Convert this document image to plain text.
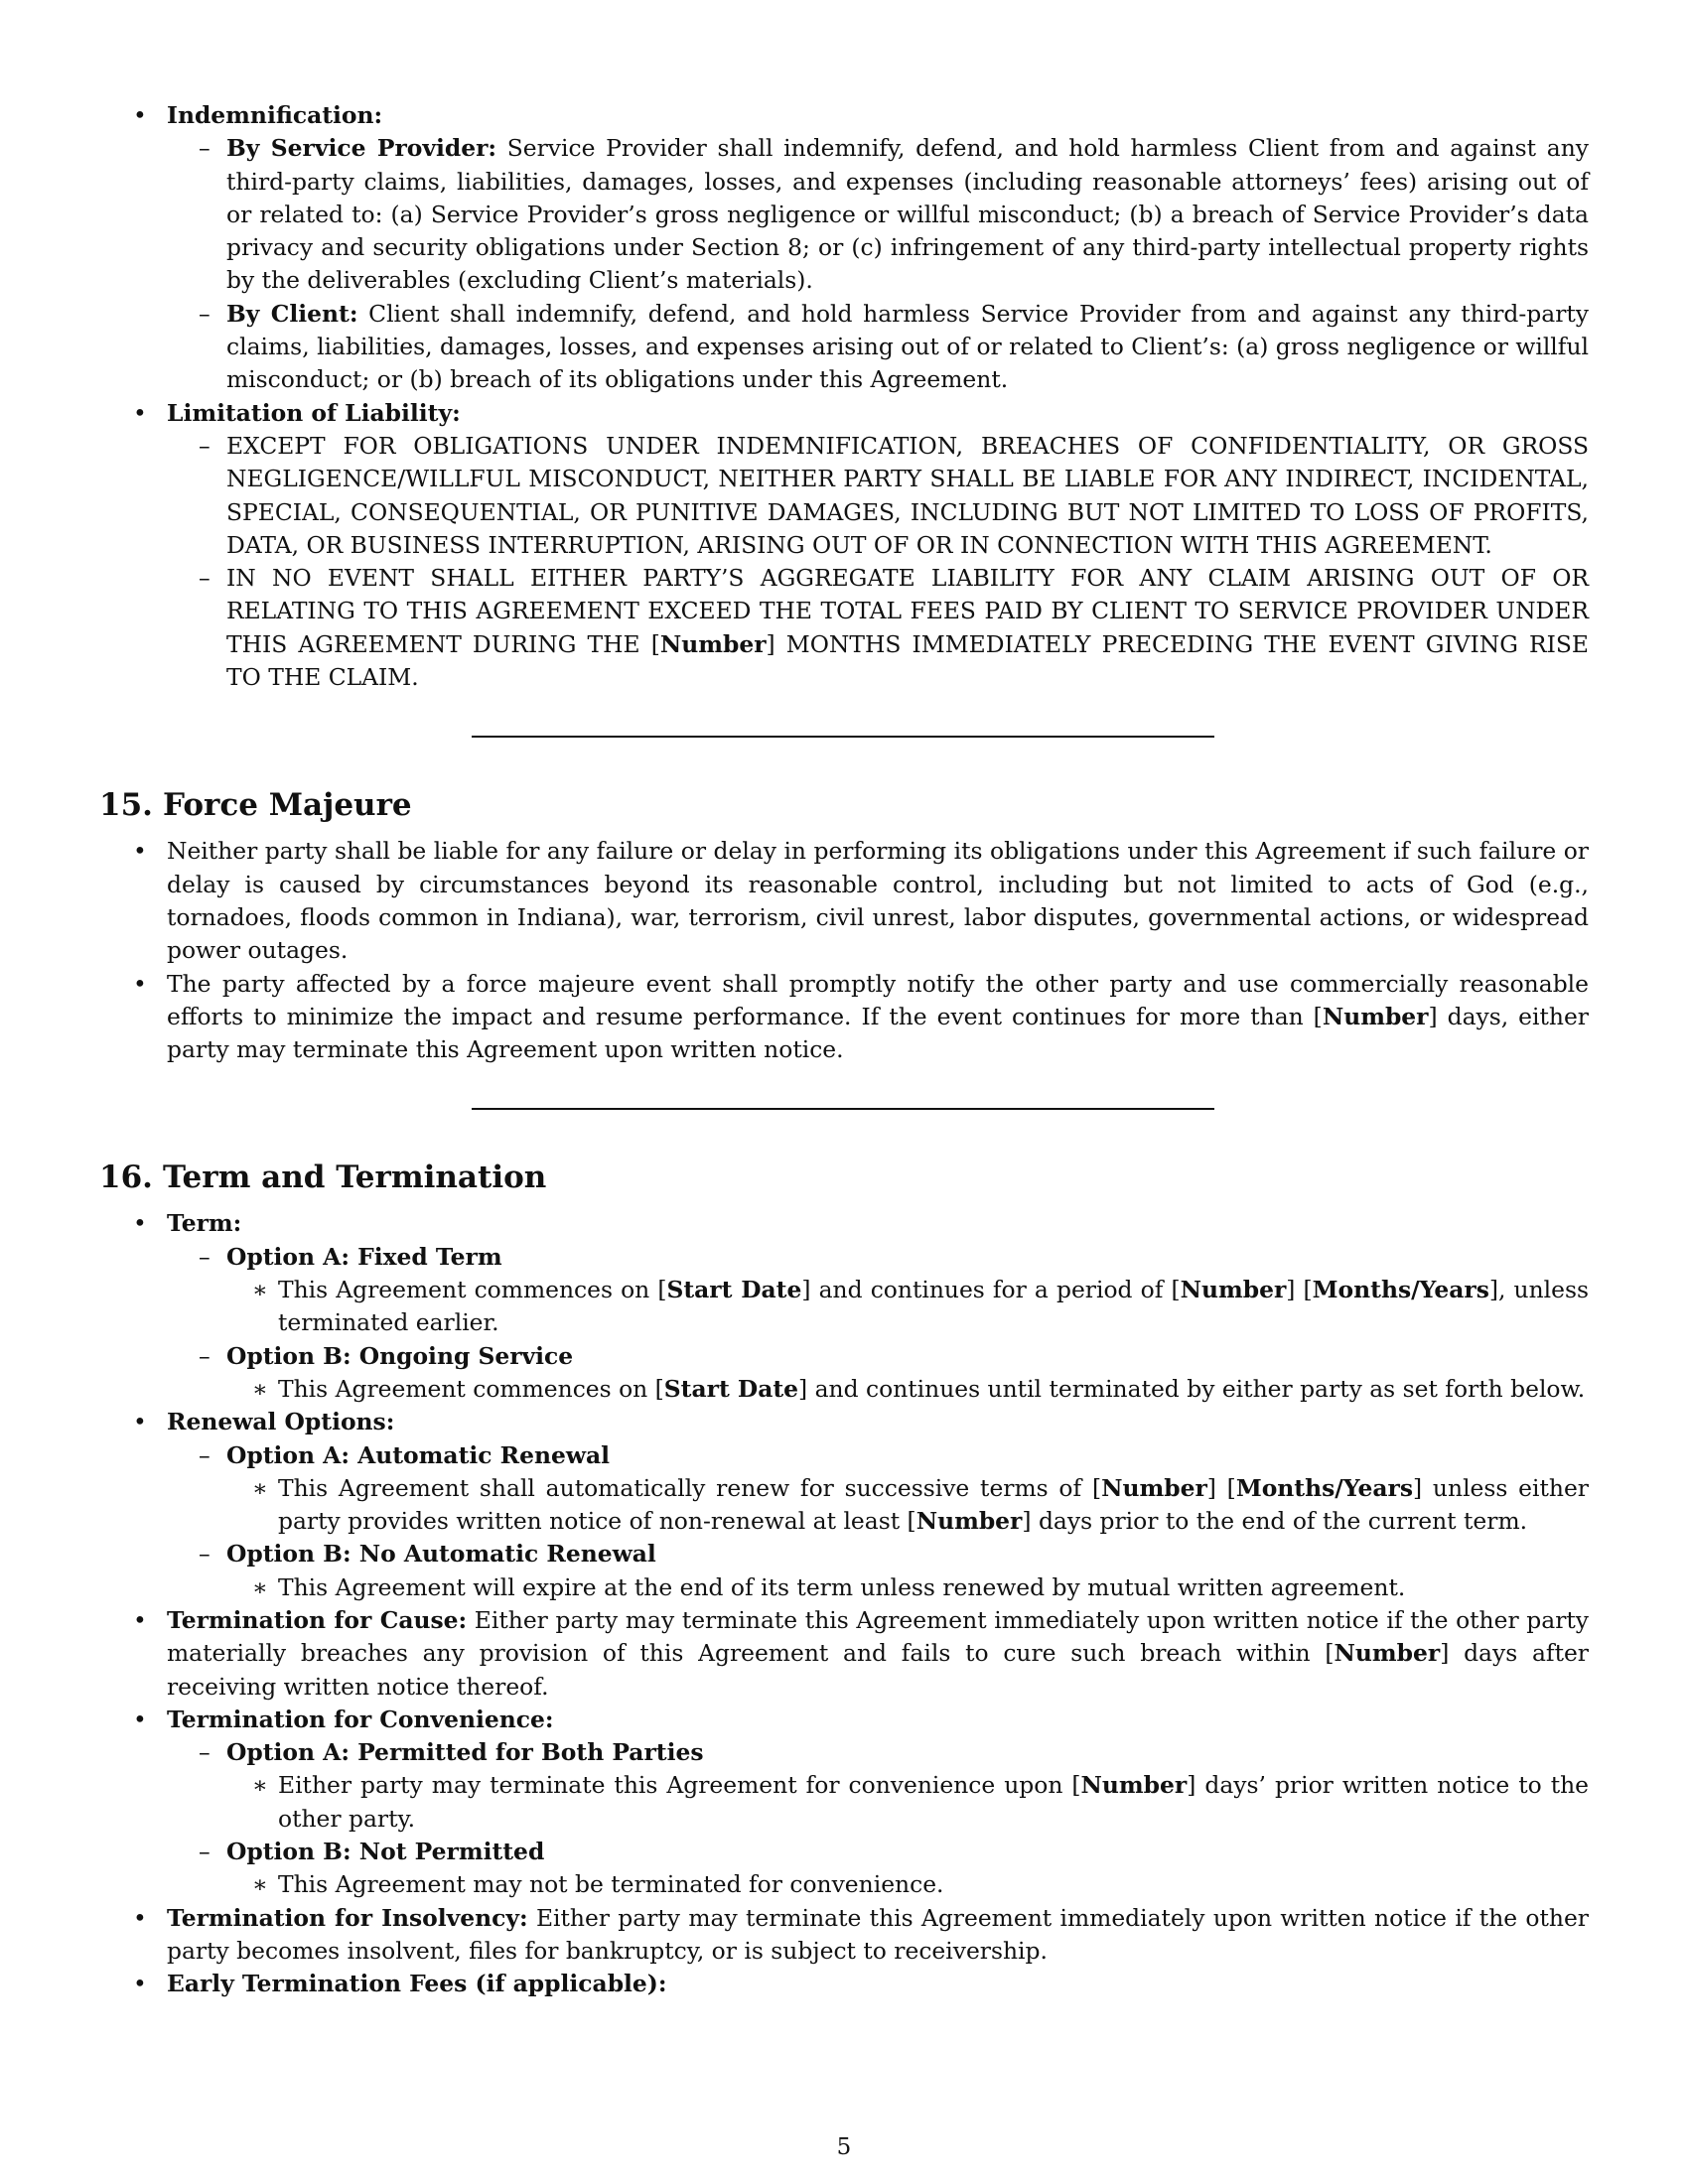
• Indemnification:
– By Service Provider: Service Provider shall indemnify, defend, and hold harmless Client from and against any third-party claims, liabilities, damages, losses, and expenses (including reasonable attorneys’ fees) arising out of or related to: (a) Service Provider’s gross negligence or willful misconduct; (b) a breach of Service Provider’s data privacy and security obligations under Section 8; or (c) infringement of any third-party intellectual property rights by the deliverables (excluding Client’s materials).
– By Client: Client shall indemnify, defend, and hold harmless Service Provider from and against any third-party claims, liabilities, damages, losses, and expenses arising out of or related to Client’s: (a) gross negligence or willful misconduct; or (b) breach of its obligations under this Agreement.
• Limitation of Liability:
– EXCEPT FOR OBLIGATIONS UNDER INDEMNIFICATION, BREACHES OF CONFIDENTIALITY, OR GROSS NEGLIGENCE/WILLFUL MISCONDUCT, NEITHER PARTY SHALL BE LIABLE FOR ANY INDIRECT, INCIDENTAL, SPECIAL, CONSEQUENTIAL, OR PUNITIVE DAMAGES, INCLUDING BUT NOT LIMITED TO LOSS OF PROFITS, DATA, OR BUSINESS INTERRUPTION, ARISING OUT OF OR IN CONNECTION WITH THIS AGREEMENT.
– IN NO EVENT SHALL EITHER PARTY’S AGGREGATE LIABILITY FOR ANY CLAIM ARISING OUT OF OR RELATING TO THIS AGREEMENT EXCEED THE TOTAL FEES PAID BY CLIENT TO SERVICE PROVIDER UNDER THIS AGREEMENT DURING THE [Number] MONTHS IMMEDIATELY PRECEDING THE EVENT GIVING RISE TO THE CLAIM.
15. Force Majeure
• Neither party shall be liable for any failure or delay in performing its obligations under this Agreement if such failure or delay is caused by circumstances beyond its reasonable control, including but not limited to acts of God (e.g., tornadoes, floods common in Indiana), war, terrorism, civil unrest, labor disputes, governmental actions, or widespread power outages.
• The party affected by a force majeure event shall promptly notify the other party and use commercially reasonable efforts to minimize the impact and resume performance. If the event continues for more than [Number] days, either party may terminate this Agreement upon written notice.
16. Term and Termination
• Term:
– Option A: Fixed Term
∗ This Agreement commences on [Start Date] and continues for a period of [Number] [Months/Years], unless terminated earlier.
– Option B: Ongoing Service
∗ This Agreement commences on [Start Date] and continues until terminated by either party as set forth below.
• Renewal Options:
– Option A: Automatic Renewal
∗ This Agreement shall automatically renew for successive terms of [Number] [Months/Years] unless either party provides written notice of non-renewal at least [Number] days prior to the end of the current term.
– Option B: No Automatic Renewal
∗ This Agreement will expire at the end of its term unless renewed by mutual written agreement.
• Termination for Cause: Either party may terminate this Agreement immediately upon written notice if the other party materially breaches any provision of this Agreement and fails to cure such breach within [Number] days after receiving written notice thereof.
• Termination for Convenience:
– Option A: Permitted for Both Parties
∗ Either party may terminate this Agreement for convenience upon [Number] days’ prior written notice to the other party.
– Option B: Not Permitted
∗ This Agreement may not be terminated for convenience.
• Termination for Insolvency: Either party may terminate this Agreement immediately upon written notice if the other party becomes insolvent, files for bankruptcy, or is subject to receivership.
• Early Termination Fees (if applicable):
5
